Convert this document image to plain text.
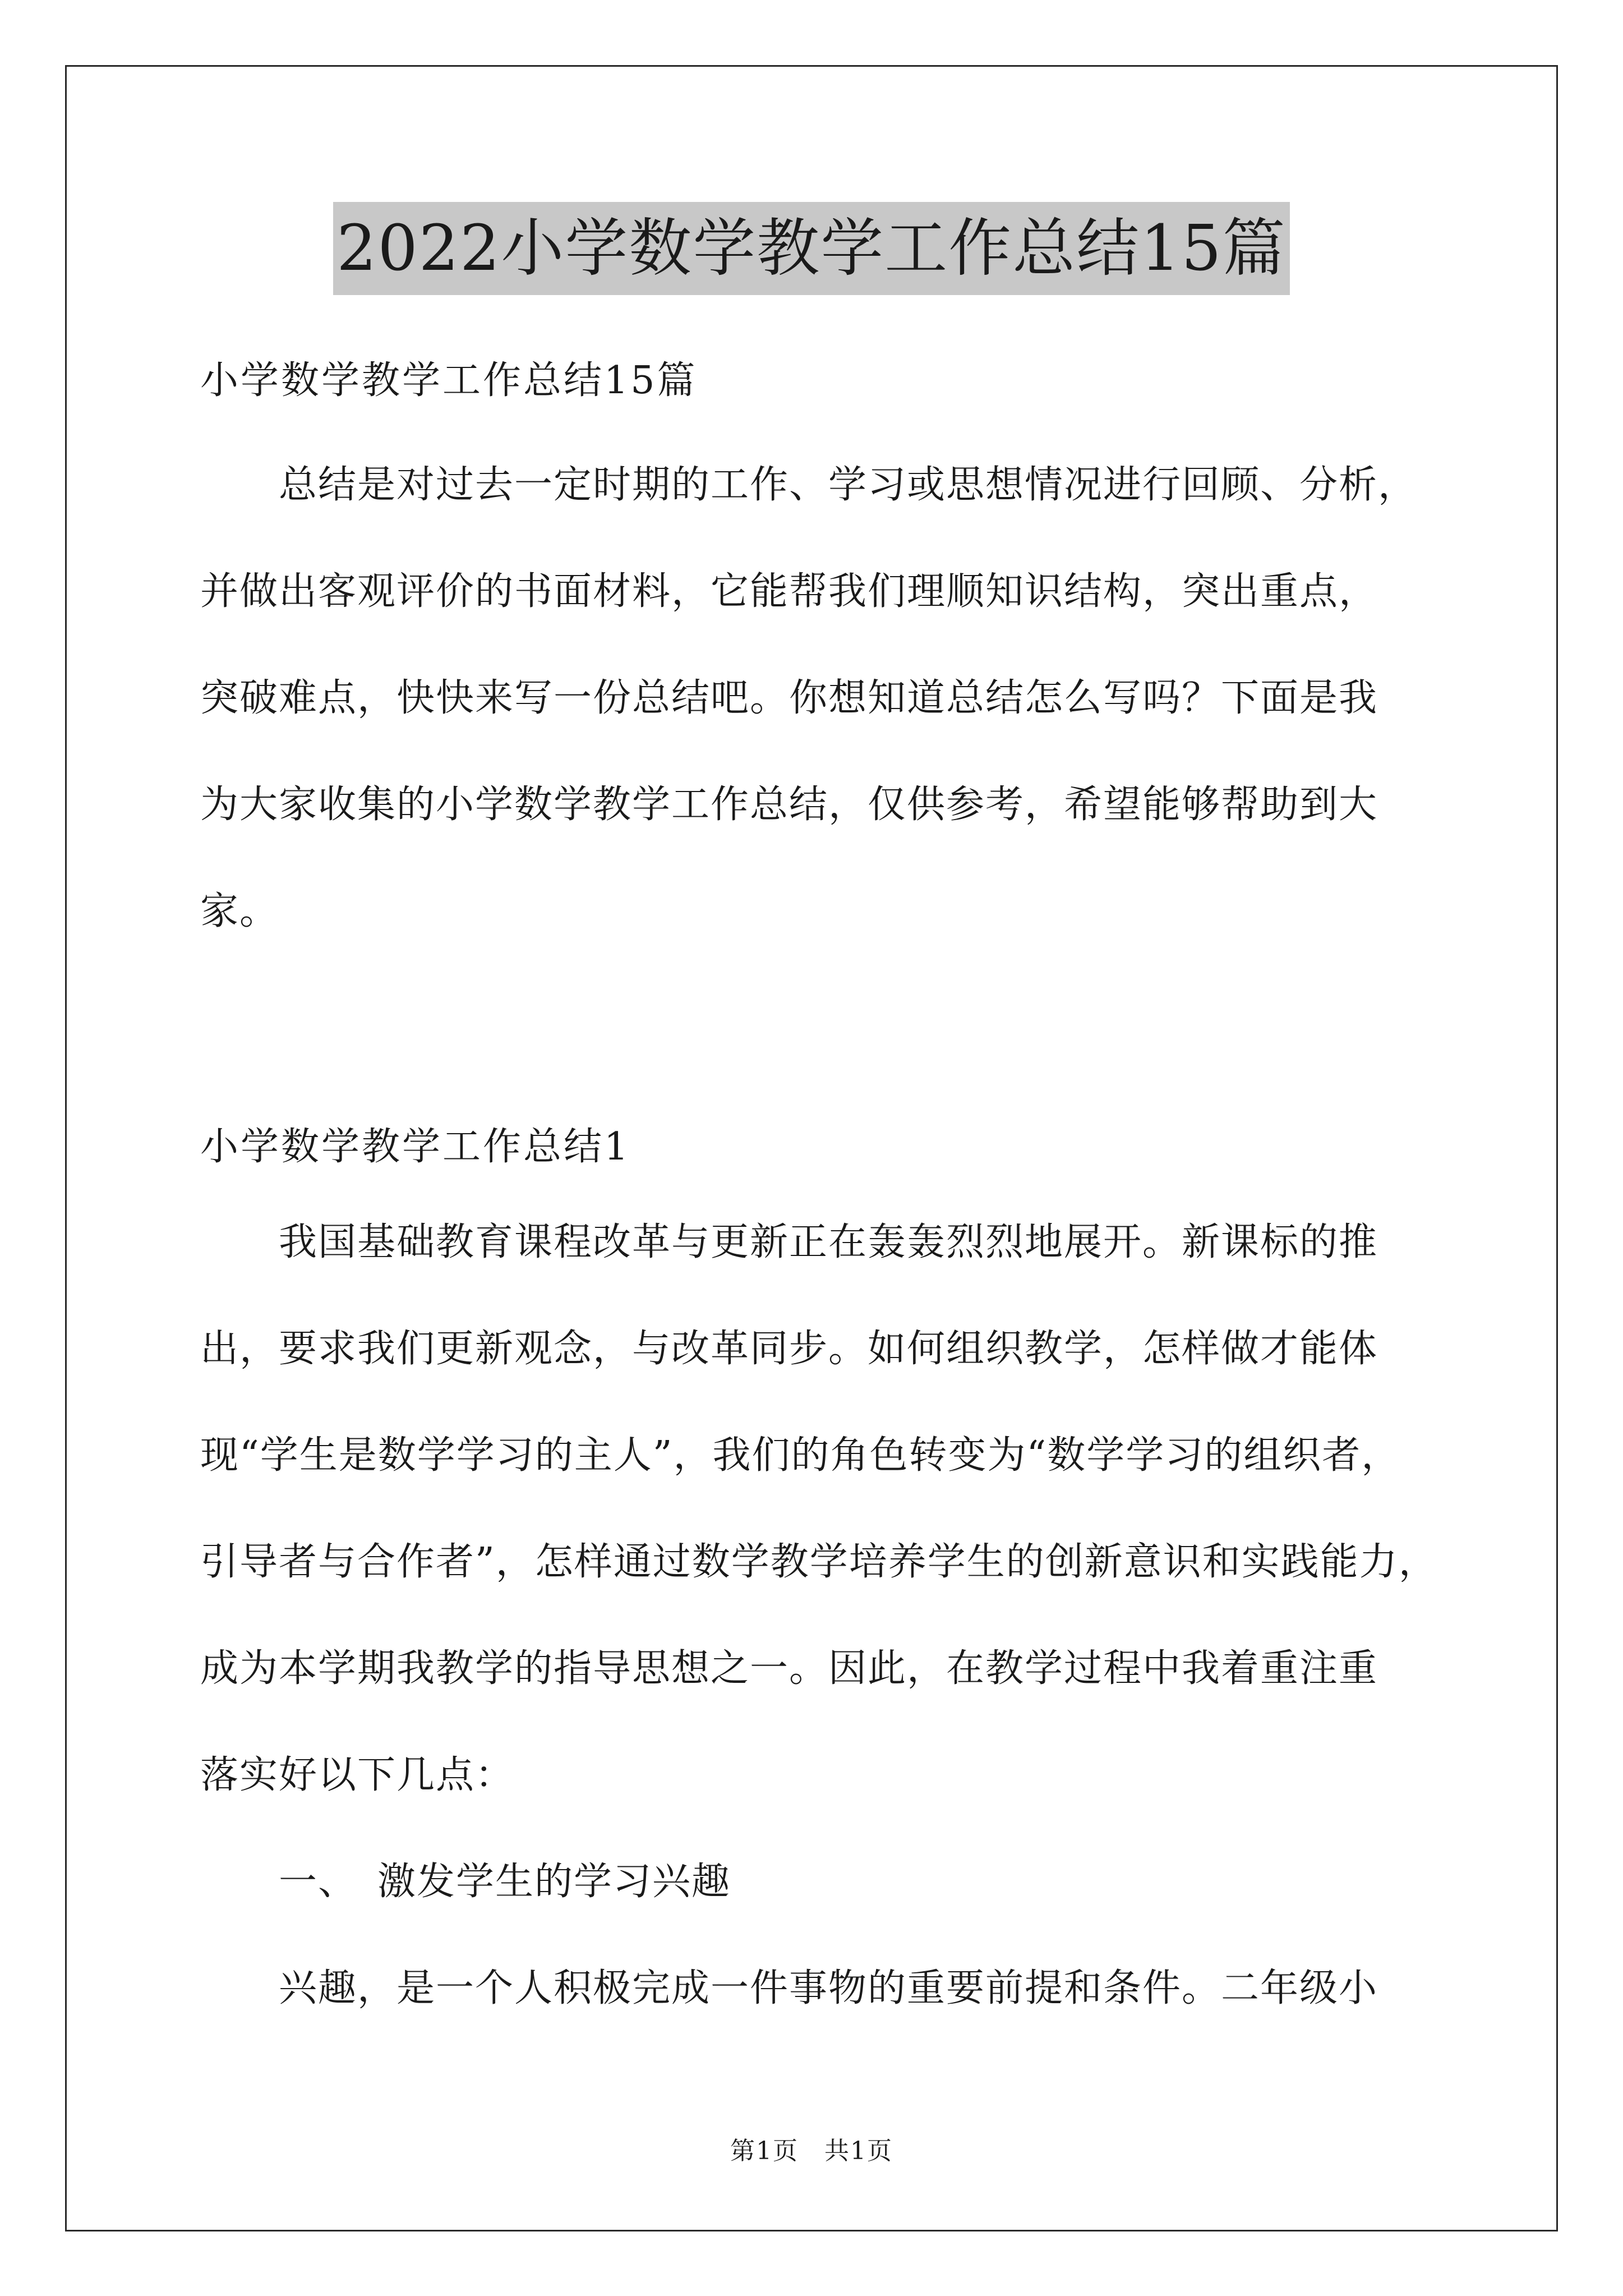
2022小学数学教学工作总结15篇

小学数学教学工作总结15篇

　　总结是对过去一定时期的工作、学习或思想情况进行回顾、分析，
并做出客观评价的书面材料，它能帮我们理顺知识结构，突出重点，
突破难点，快快来写一份总结吧。你想知道总结怎么写吗？下面是我
为大家收集的小学数学教学工作总结，仅供参考，希望能够帮助到大
家。

小学数学教学工作总结1

　　我国基础教育课程改革与更新正在轰轰烈烈地展开。新课标的推
出，要求我们更新观念，与改革同步。如何组织教学，怎样做才能体
现“学生是数学学习的主人”，我们的角色转变为“数学学习的组织者，
引导者与合作者”，怎样通过数学教学培养学生的创新意识和实践能力，
成为本学期我教学的指导思想之一。因此，在教学过程中我着重注重
落实好以下几点：
　　一、　激发学生的学习兴趣
　　兴趣，是一个人积极完成一件事物的重要前提和条件。二年级小
第1页　共1页
